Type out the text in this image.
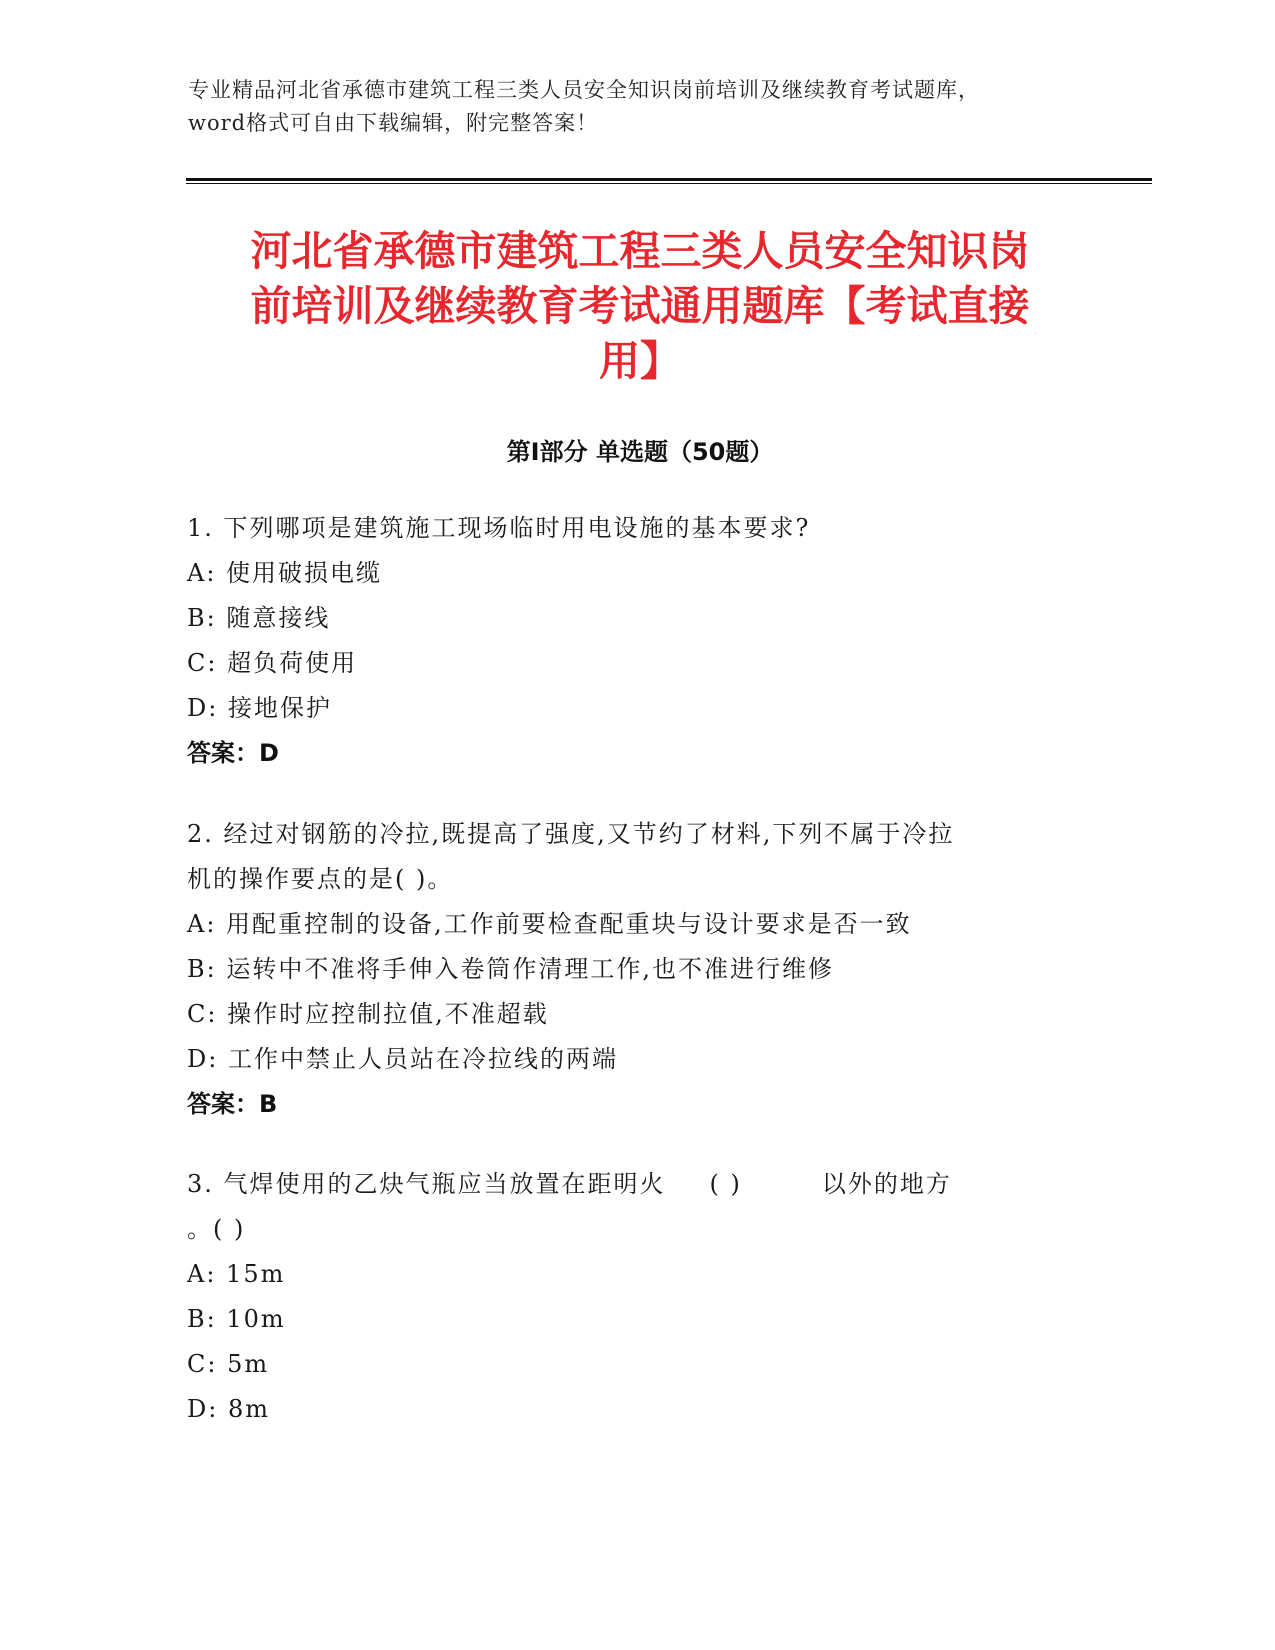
专业精品河北省承德市建筑工程三类人员安全知识岗前培训及继续教育考试题库，
word格式可自由下载编辑，附完整答案！
河北省承德市建筑工程三类人员安全知识岗
前培训及继续教育考试通用题库【考试直接
用】
第Ⅰ部分 单选题（50题）
1. 下列哪项是建筑施工现场临时用电设施的基本要求?
A: 使用破损电缆
B: 随意接线
C: 超负荷使用
D: 接地保护
答案：D
2. 经过对钢筋的冷拉,既提高了强度,又节约了材料,下列不属于冷拉
机的操作要点的是( )。
A: 用配重控制的设备,工作前要检查配重块与设计要求是否一致
B: 运转中不准将手伸入卷筒作清理工作,也不准进行维修
C: 操作时应控制拉值,不准超载
D: 工作中禁止人员站在冷拉线的两端
答案：B
3. 气焊使用的乙炔气瓶应当放置在距明火 ( )	以外的地方
。( )
A: 15m
B: 10m
C: 5m
D: 8m
